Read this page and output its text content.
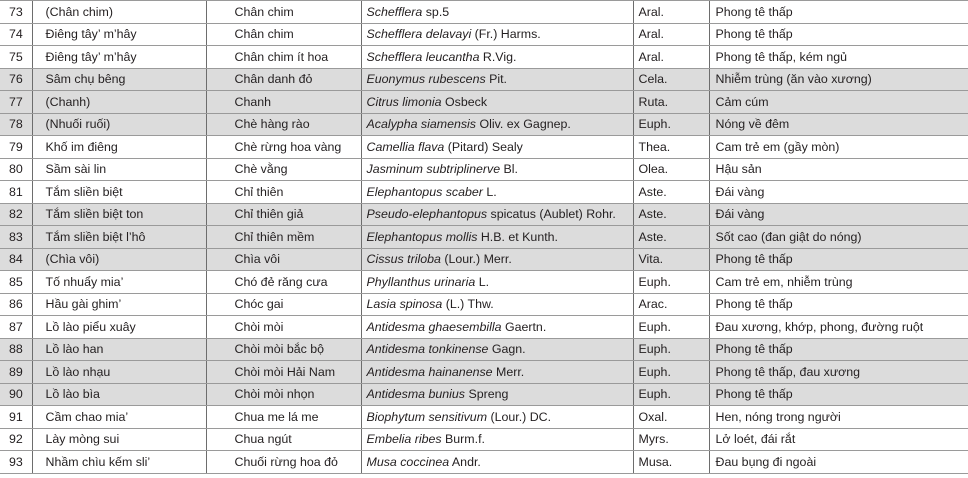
73	(Chân chim)	Chân chim	Schefflera sp.5	Aral.	Phong tê thấp
74	Điêng tây’ m’hây	Chân chim	Schefflera delavayi (Fr.) Harms.	Aral.	Phong tê thấp
75	Điêng tây’ m’hây	Chân chim ít hoa	Schefflera leucantha R.Vig.	Aral.	Phong tê thấp, kém ngủ
76	Sâm chụ bêng	Chân danh đỏ	Euonymus rubescens Pit.	Cela.	Nhiễm trùng (ăn vào xương)
77	(Chanh)	Chanh	Citrus limonia Osbeck	Ruta.	Cảm cúm
78	(Nhuối ruối)	Chè hàng rào	Acalypha siamensis Oliv. ex Gagnep.	Euph.	Nóng về đêm
79	Khố im điêng	Chè rừng hoa vàng	Camellia flava (Pitard) Sealy	Thea.	Cam trẻ em (gầy mòn)
80	Sầm sài lin	Chè vằng	Jasminum subtriplinerve Bl.	Olea.	Hậu sản
81	Tắm sliền biệt	Chỉ thiên	Elephantopus scaber L.	Aste.	Đái vàng
82	Tắm sliền biệt ton	Chỉ thiên giả	Pseudo-elephantopus spicatus (Aublet) Rohr.	Aste.	Đái vàng
83	Tắm sliền biệt l’hô	Chỉ thiên mềm	Elephantopus mollis H.B. et Kunth.	Aste.	Sốt cao (đan giật do nóng)
84	(Chìa vôi)	Chìa vôi	Cissus triloba (Lour.) Merr.	Vita.	Phong tê thấp
85	Tố nhuẩy mia’	Chó đẻ răng cưa	Phyllanthus urinaria L.	Euph.	Cam trẻ em, nhiễm trùng
86	Hầu gài ghim’	Chóc gai	Lasia spinosa (L.) Thw.	Arac.	Phong tê thấp
87	Lồ lào piểu xuây	Chòi mòi	Antidesma ghaesembilla Gaertn.	Euph.	Đau xương, khớp, phong, đường ruột
88	Lồ lào han	Chòi mòi bắc bộ	Antidesma tonkinense Gagn.	Euph.	Phong tê thấp
89	Lồ lào nhạu	Chòi mòi Hải Nam	Antidesma hainanense Merr.	Euph.	Phong tê thấp, đau xương
90	Lồ lào bìa	Chòi mòi nhọn	Antidesma bunius Spreng	Euph.	Phong tê thấp
91	Cầm chao mia’	Chua me lá me	Biophytum sensitivum (Lour.) DC.	Oxal.	Hen, nóng trong người
92	Lày mòng sui	Chua ngút	Embelia ribes Burm.f.	Myrs.	Lở loét, đái rắt
93	Nhầm chìu kếm sli’	Chuối rừng hoa đỏ	Musa coccinea Andr.	Musa.	Đau bụng đi ngoài
